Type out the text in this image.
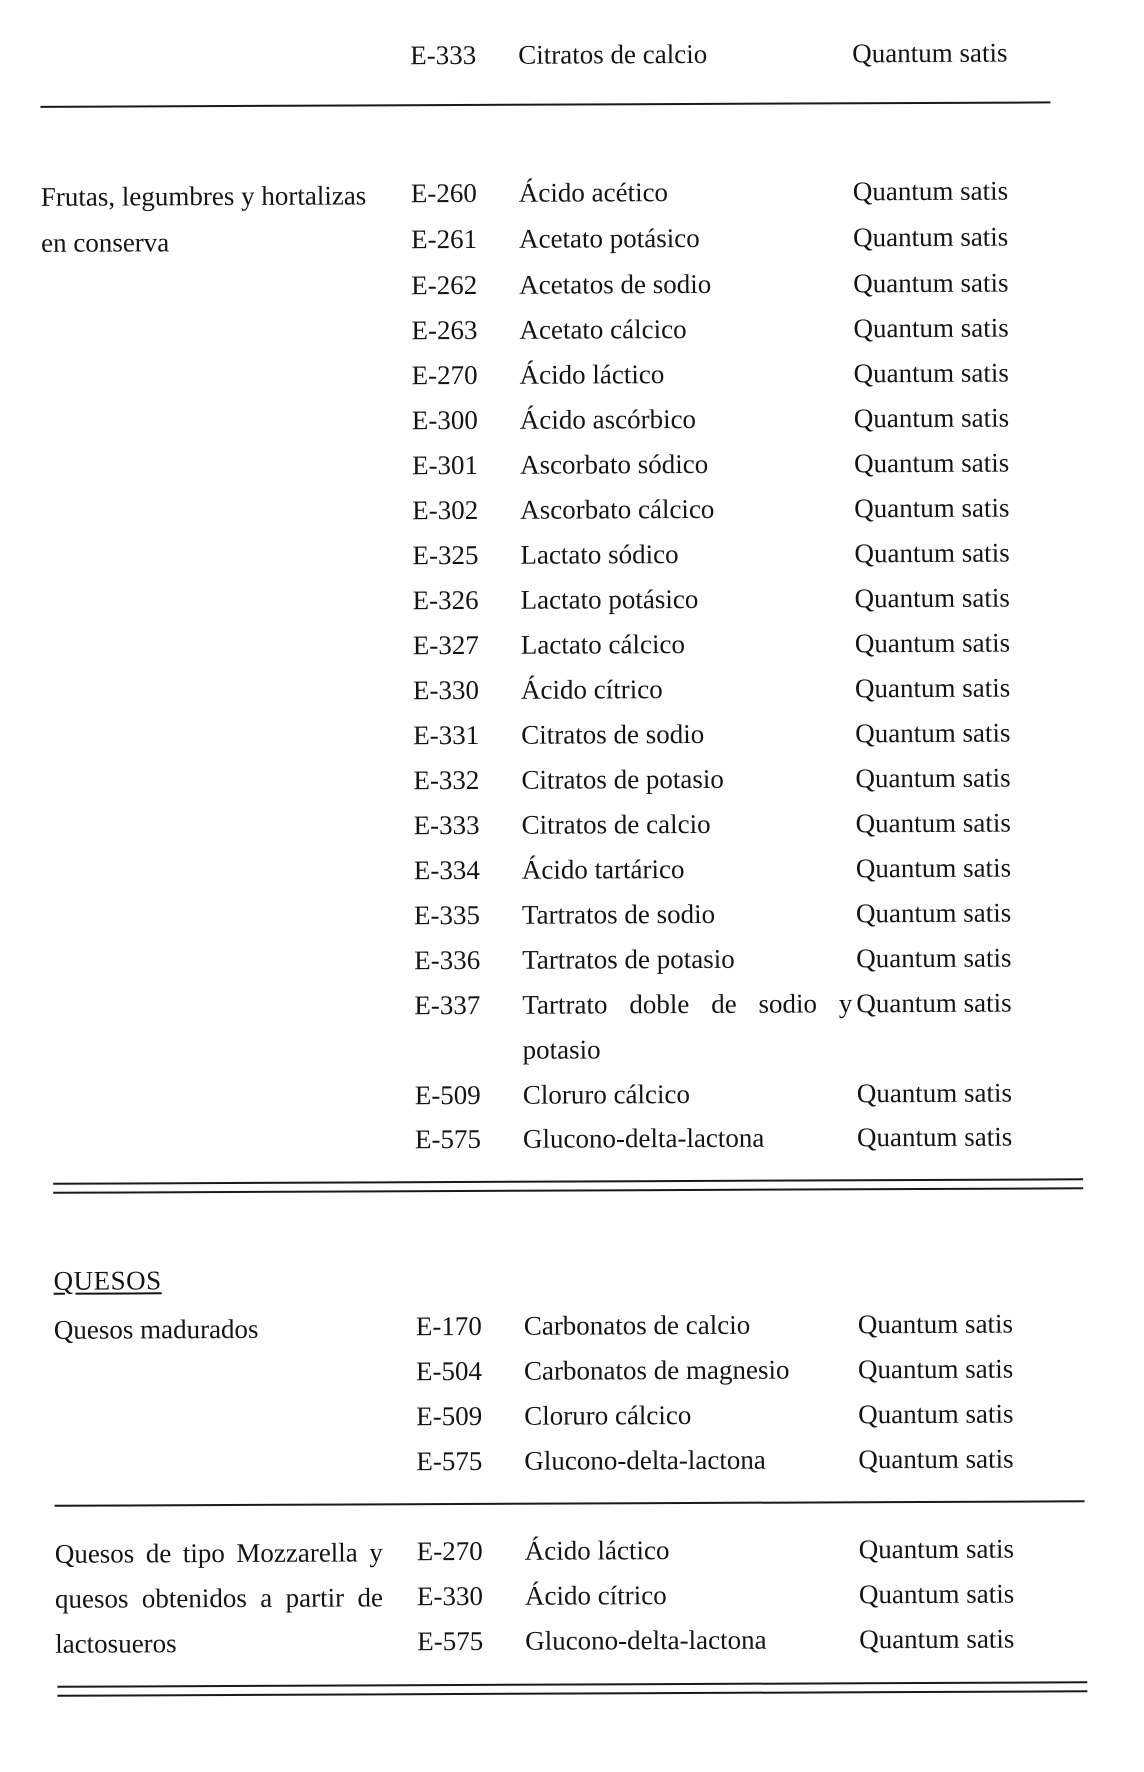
E-333 Citratos de calcio	Quantum satis
Frutas, legumbres y hortalizas
en conserva
E-260 Ácido acético	Quantum satis
E-261 Acetato potásico	Quantum satis
E-262 Acetatos de sodio	Quantum satis
E-263 Acetato cálcico	Quantum satis
E-270 Ácido láctico	Quantum satis
E-300 Ácido ascórbico	Quantum satis
E-301 Ascorbato sódico	Quantum satis
E-302 Ascorbato cálcico	Quantum satis
E-325 Lactato sódico	Quantum satis
E-326 Lactato potásico	Quantum satis
E-327 Lactato cálcico	Quantum satis
E-330 Ácido cítrico	Quantum satis
E-331 Citratos de sodio	Quantum satis
E-332 Citratos de potasio	Quantum satis
E-333 Citratos de calcio	Quantum satis
E-334 Ácido tartárico	Quantum satis
E-335 Tartratos de sodio	Quantum satis
E-336 Tartratos de potasio	Quantum satis
E-337 Tartrato doble de sodio y Quantum satis
potasio
E-509 Cloruro cálcico	Quantum satis
E-575 Glucono-delta-lactona	Quantum satis
QUESOS
Quesos madurados	E-170 Carbonatos de calcio	Quantum satis
E-504 Carbonatos de magnesio	Quantum satis
E-509 Cloruro cálcico	Quantum satis
E-575 Glucono-delta-lactona	Quantum satis
Quesos de tipo Mozzarella y
quesos obtenidos a partir de
lactosueros
E-270 Ácido láctico	Quantum satis
E-330 Ácido cítrico	Quantum satis
E-575 Glucono-delta-lactona	Quantum satis
